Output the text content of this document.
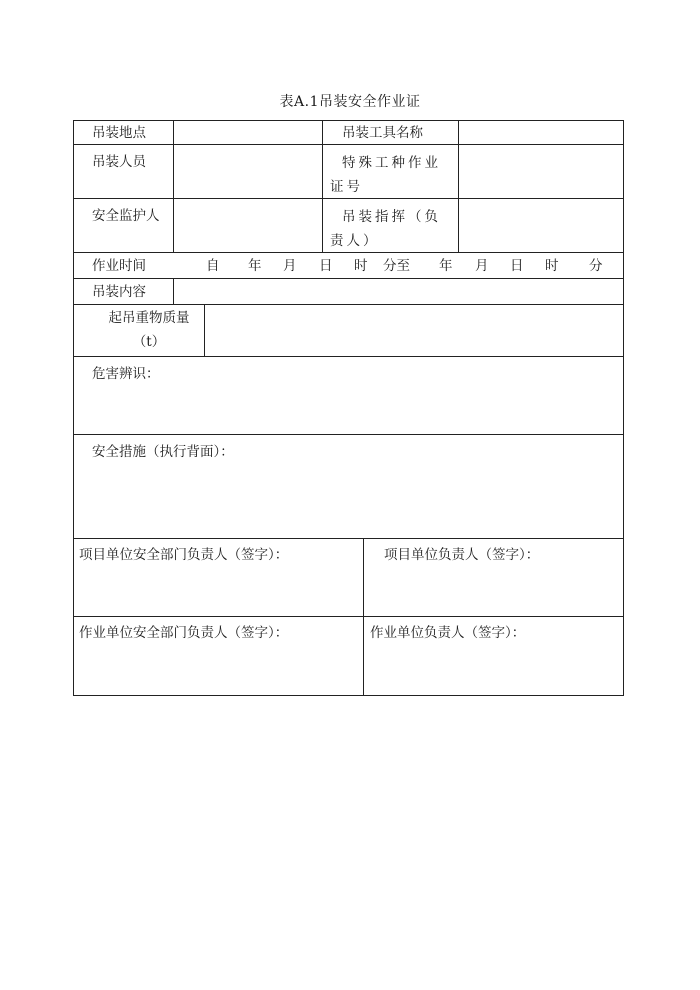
表A.1吊装安全作业证
吊装地点	吊装工具名称
吊装人员	特殊工种作业证号
安全监护人	吊装指挥（负责人）
作业时间	自 年 月 日 时 分至 年 月 日 时 分
吊装内容
起吊重物质量（t）
危害辨识：
安全措施（执行背面）：
项目单位安全部门负责人（签字）：	项目单位负责人（签字）：
作业单位安全部门负责人（签字）：	作业单位负责人（签字）：
